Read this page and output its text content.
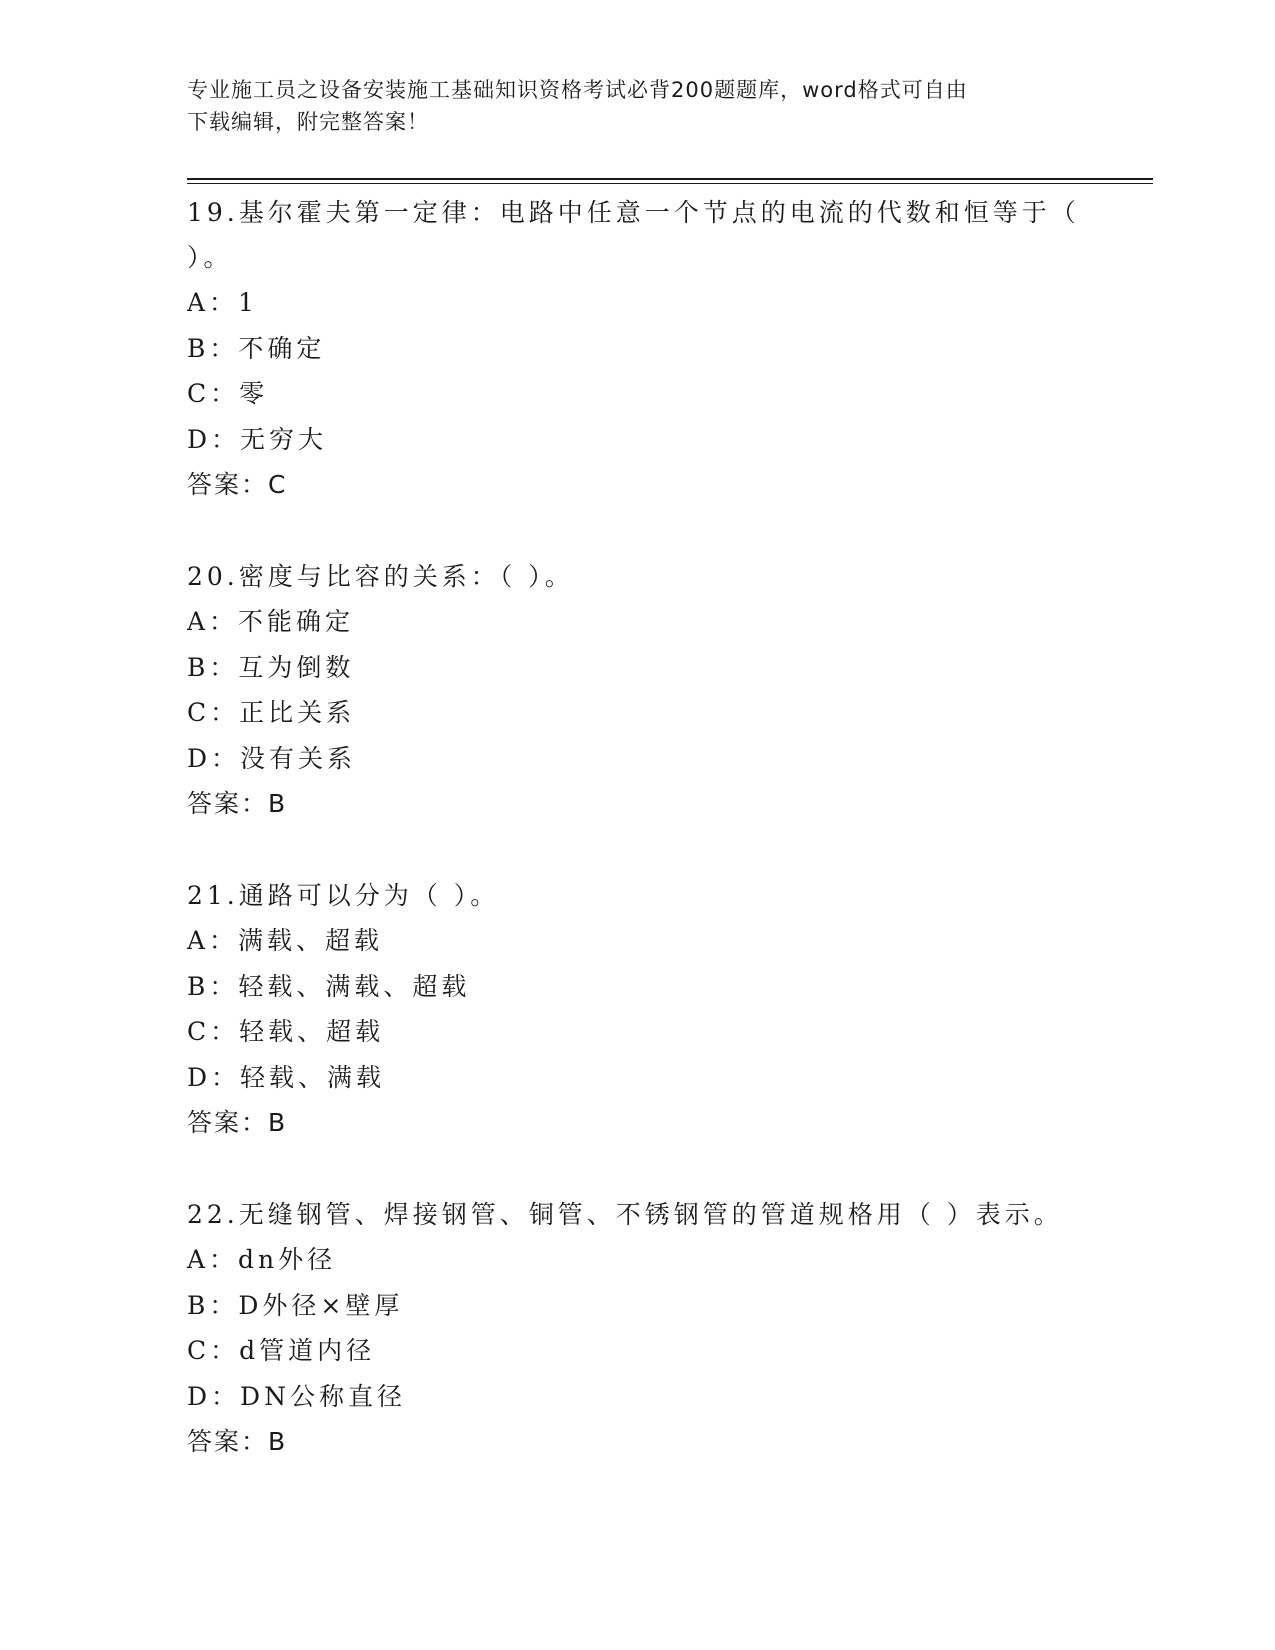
专业施工员之设备安装施工基础知识资格考试必背200题题库，word格式可自由
下载编辑，附完整答案！

19.基尔霍夫第一定律：电路中任意一个节点的电流的代数和恒等于（

）。

A：1

B：不确定

C：零

D：无穷大

答案：C

20.密度与比容的关系：（ ）。

A：不能确定

B：互为倒数

C：正比关系

D：没有关系

答案：B

21.通路可以分为（ ）。

A：满载、超载

B：轻载、满载、超载

C：轻载、超载

D：轻载、满载

答案：B

22.无缝钢管、焊接钢管、铜管、不锈钢管的管道规格用（ ）表示。

A：dn外径

B：D外径×壁厚

C：d管道内径

D：DN公称直径

答案：B
